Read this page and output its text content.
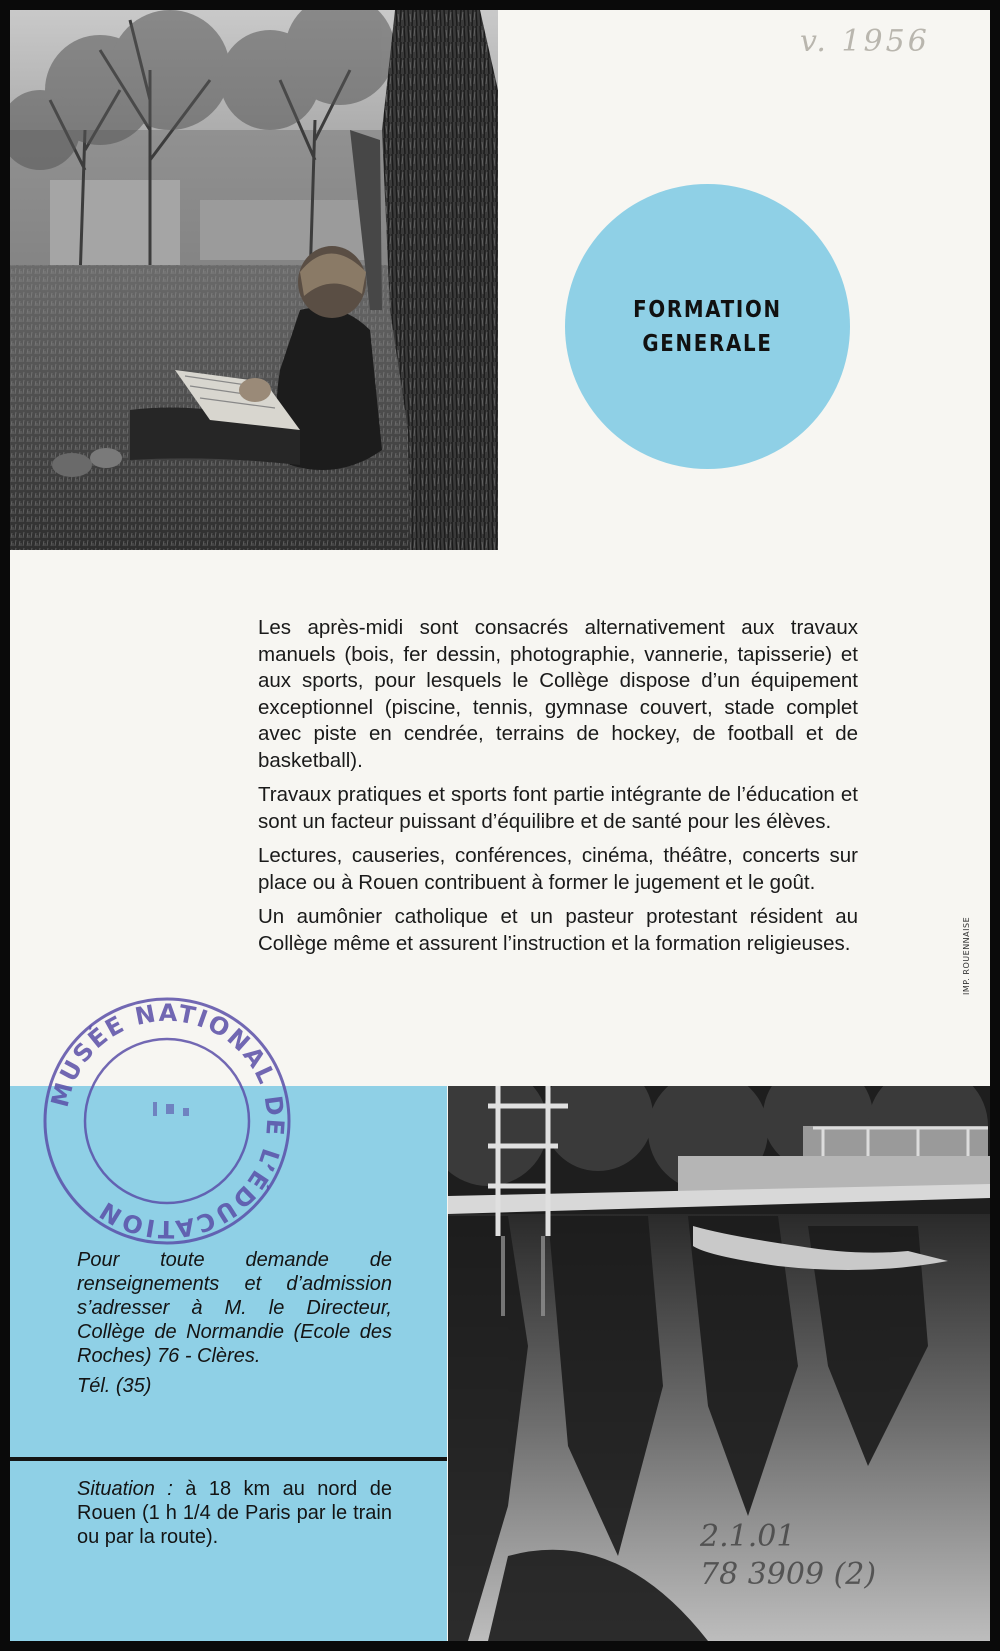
v. 1956
FORMATION
GENERALE

Les après-midi sont consacrés alternativement aux travaux manuels (bois, fer dessin, photographie, vannerie, tapisserie) et aux sports, pour lesquels le Collège dispose d’un équipement exceptionnel (piscine, tennis, gymnase couvert, stade complet avec piste en cendrée, terrains de hockey, de football et de basketball).

Travaux pratiques et sports font partie intégrante de l’éducation et sont un facteur puissant d’équilibre et de santé pour les élèves.

Lectures, causeries, conférences, cinéma, théâtre, concerts sur place ou à Rouen contribuent à former le jugement et le goût.

Un aumônier catholique et un pasteur protestant résident au Collège même et assurent l’instruction et la formation religieuses.	IMP. ROUENNAISE

Pour toute demande de renseignements et d’admission s’adresser à M. le Directeur, Collège de Normandie (Ecole des Roches) 76 - Clères.

Tél. (35)

Situation : à 18 km au nord de Rouen (1 h 1/4 de Paris par le train ou par la route).	2.1.01
78 3909 (2)
MUSÉE NATIONAL DE L’ÉDUCATION
